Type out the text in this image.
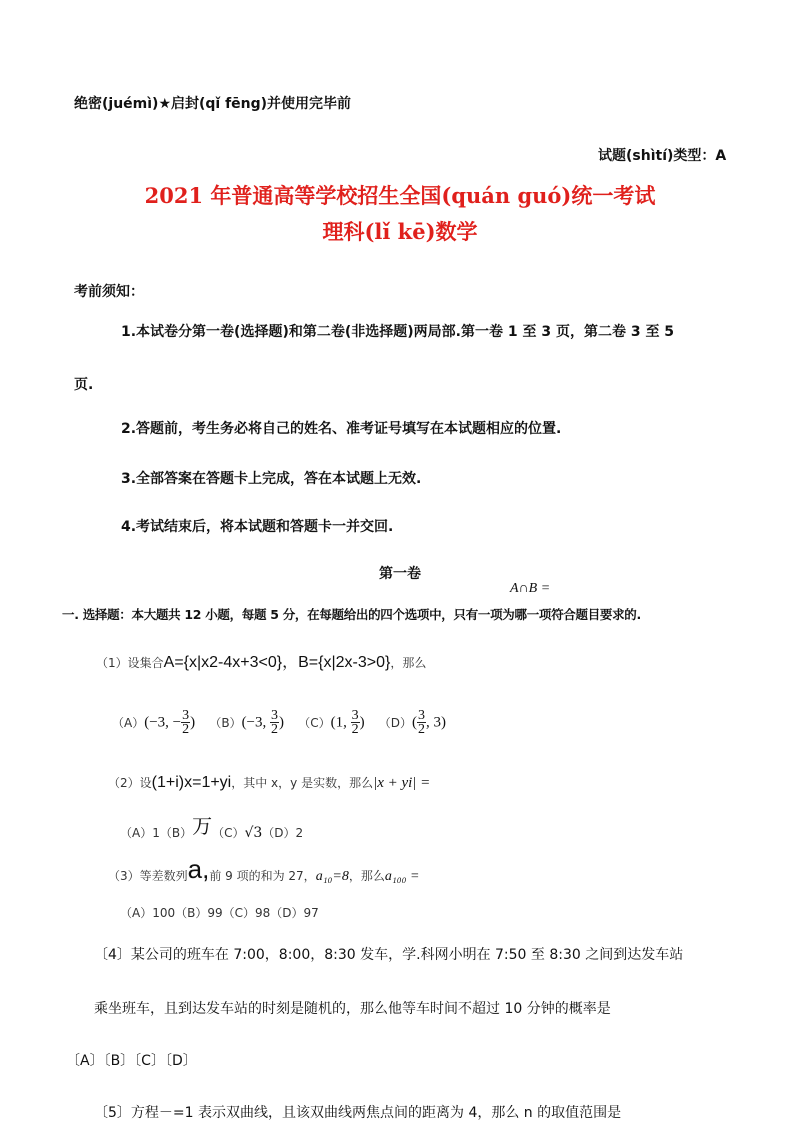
绝密(juémì)★启封(qǐ fēng)并使用完毕前
试题(shìtí)类型：A
2021 年普通高等学校招生全国(quán guó)统一考试
理科(lǐ kē)数学
考前须知：
1.本试卷分第一卷(选择题)和第二卷(非选择题)两局部.第一卷 1 至 3 页，第二卷 3 至 5
页.
2.答题前，考生务必将自己的姓名、准考证号填写在本试题相应的位置.
3.全部答案在答题卡上完成，答在本试题上无效.
4.考试结束后，将本试题和答题卡一并交回.
第一卷
A∩B =
一. 选择题：本大题共 12 小题，每题 5 分，在每题给出的四个选项中，只有一项为哪一项符合题目要求的.
（1）设集合A={x|x2-4x+3<0}，B={x|2x-3>0}，那么
（A）(−3, − $\frac{3}{2}$ ) （B）(−3, $\frac{3}{2}$ ) （C）(1, $\frac{3}{2}$ ) $(D)( \frac{3}{2}$ , 3)
（2）设(1+i)x=1+yi，其中 x，y 是实数，那么|x + yi| =
（A）1（B）万（C）√3（D）2
（3）等差数列a,前 9 项的和为 27，a₁₀=8，那么a₁₀₀ =
（A）100（B）99（C）98（D）97
〔4〕某公司的班车在 7:00，8:00，8:30 发车，学.科网小明在 7:50 至 8:30 之间到达发车站
乘坐班车，且到达发车站的时刻是随机的，那么他等车时间不超过 10 分钟的概率是
〔A〕〔B〕〔C〕〔D〕
〔5〕方程－=1 表示双曲线，且该双曲线两焦点间的距离为 4，那么 n 的取值范围是
